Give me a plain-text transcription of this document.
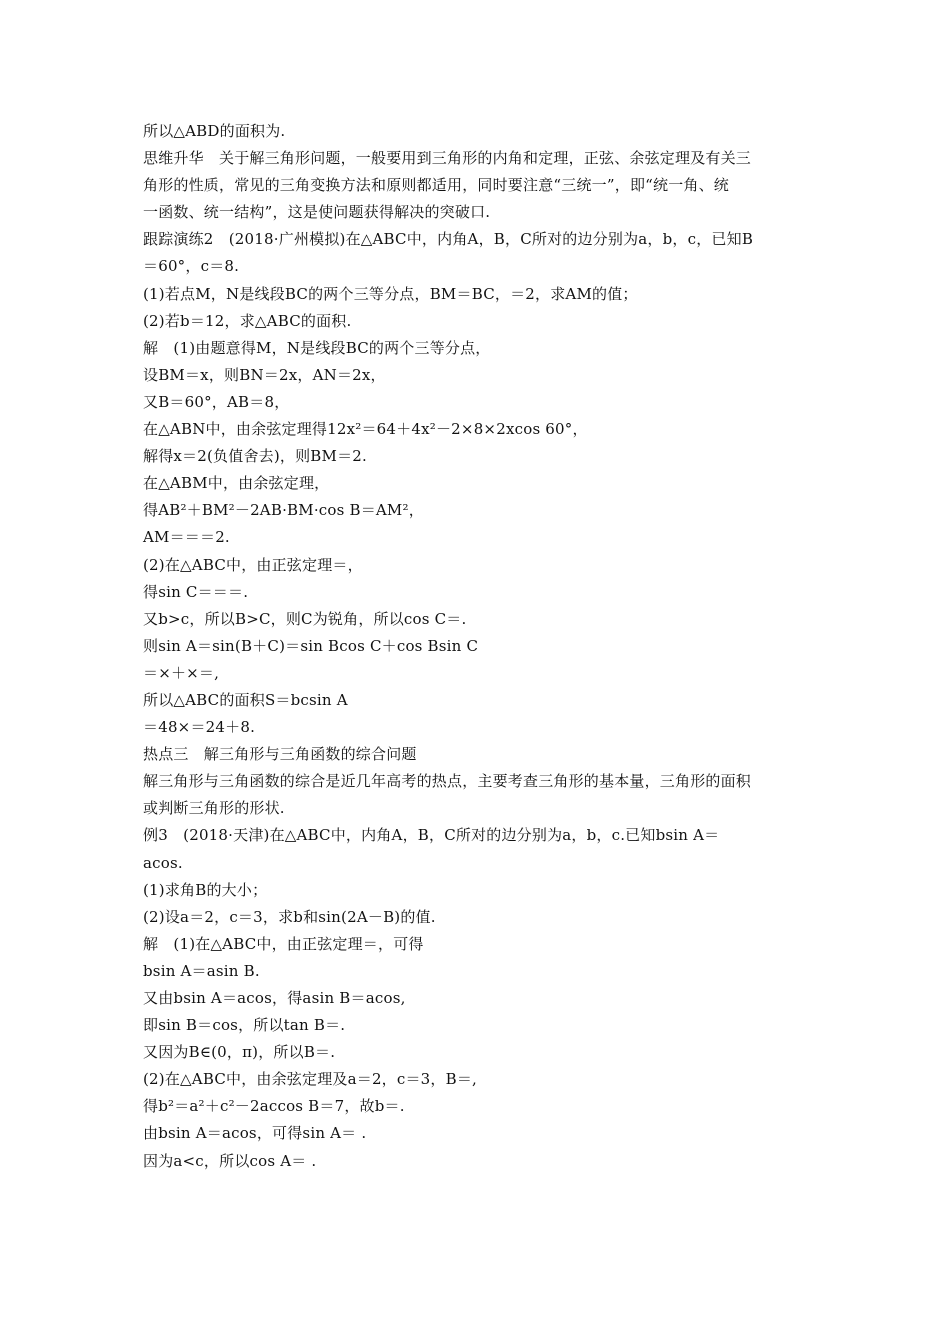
所以△ABD的面积为.
思维升华　关于解三角形问题，一般要用到三角形的内角和定理，正弦、余弦定理及有关三
角形的性质，常见的三角变换方法和原则都适用，同时要注意“三统一”，即“统一角、统
一函数、统一结构”，这是使问题获得解决的突破口.
跟踪演练2　(2018·广州模拟)在△ABC中，内角A，B，C所对的边分别为a，b，c，已知B
＝60°，c＝8.
(1)若点M，N是线段BC的两个三等分点，BM＝BC，＝2，求AM的值；
(2)若b＝12，求△ABC的面积.
解　(1)由题意得M，N是线段BC的两个三等分点，
设BM＝x，则BN＝2x，AN＝2x，
又B＝60°，AB＝8，
在△ABN中，由余弦定理得12x²＝64＋4x²－2×8×2xcos 60°，
解得x＝2(负值舍去)，则BM＝2.
在△ABM中，由余弦定理，
得AB²＋BM²－2AB·BM·cos B＝AM²，
AM＝＝＝2.
(2)在△ABC中，由正弦定理＝，
得sin C＝＝＝.
又b>c，所以B>C，则C为锐角，所以cos C＝.
则sin A＝sin(B＋C)＝sin Bcos C＋cos Bsin C
＝×＋×＝,
所以△ABC的面积S＝bcsin A
＝48×＝24＋8.
热点三　解三角形与三角函数的综合问题
解三角形与三角函数的综合是近几年高考的热点，主要考查三角形的基本量，三角形的面积
或判断三角形的形状.
例3　(2018·天津)在△ABC中，内角A，B，C所对的边分别为a，b，c.已知bsin A＝
acos.
(1)求角B的大小；
(2)设a＝2，c＝3，求b和sin(2A－B)的值.
解　(1)在△ABC中，由正弦定理＝，可得
bsin A＝asin B.
又由bsin A＝acos，得asin B＝acos,
即sin B＝cos，所以tan B＝.
又因为B∈(0，π)，所以B＝.
(2)在△ABC中，由余弦定理及a＝2，c＝3，B＝,
得b²＝a²＋c²－2accos B＝7，故b＝.
由bsin A＝acos，可得sin A＝ .
因为a<c，所以cos A＝ .
